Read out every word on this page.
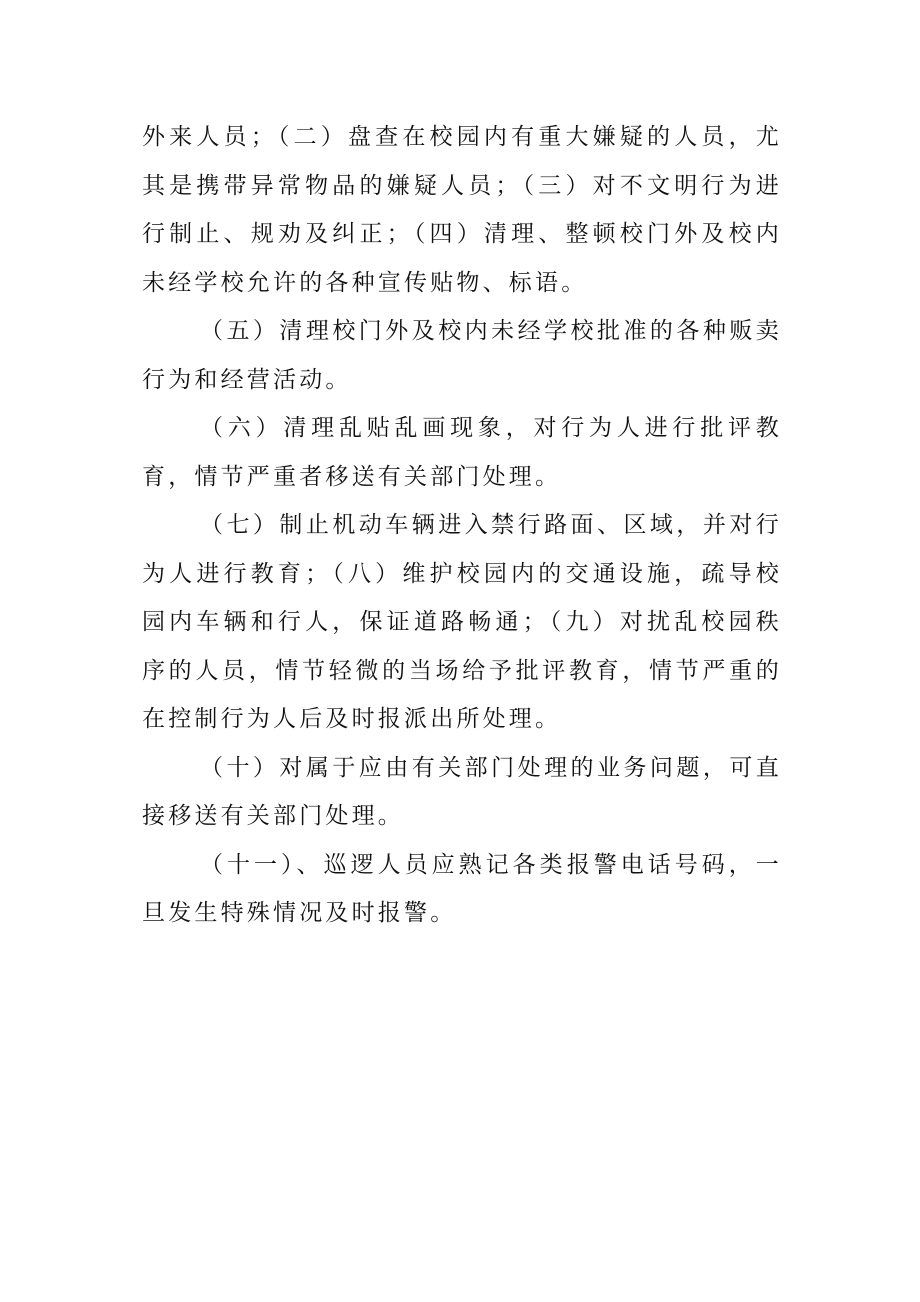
外来人员；（二）盘查在校园内有重大嫌疑的人员，尤其是携带异常物品的嫌疑人员；（三）对不文明行为进行制止、规劝及纠正；（四）清理、整顿校门外及校内未经学校允许的各种宣传贴物、标语。

（五）清理校门外及校内未经学校批准的各种贩卖行为和经营活动。

（六）清理乱贴乱画现象，对行为人进行批评教育，情节严重者移送有关部门处理。

（七）制止机动车辆进入禁行路面、区域，并对行为人进行教育；（八）维护校园内的交通设施，疏导校园内车辆和行人，保证道路畅通；（九）对扰乱校园秩序的人员，情节轻微的当场给予批评教育，情节严重的在控制行为人后及时报派出所处理。

（十）对属于应由有关部门处理的业务问题，可直接移送有关部门处理。

（十一）、巡逻人员应熟记各类报警电话号码，一旦发生特殊情况及时报警。
